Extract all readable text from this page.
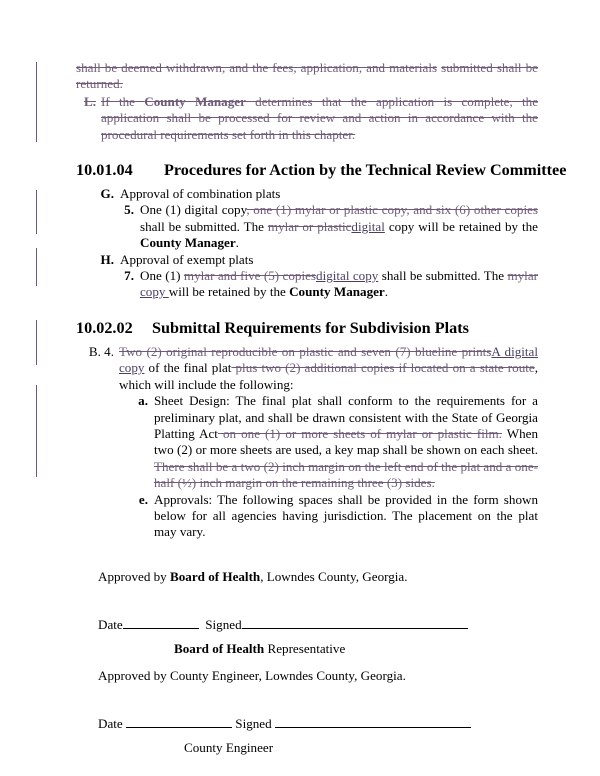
shall be deemed withdrawn, and the fees, application, and materials submitted shall be returned.

L. If the County Manager determines that the application is complete, the application shall be processed for review and action in accordance with the procedural requirements set forth in this chapter.

10.01.04	Procedures for Action by the Technical Review Committee
G. Approval of combination plats

5. One (1) digital copy, one (1) mylar or plastic copy, and six (6) other copies shall be submitted. The mylar or plasticdigital copy will be retained by the County Manager.

H. Approval of exempt plats

7. One (1) mylar and five (5) copiesdigital copy shall be submitted. The mylar copy will be retained by the County Manager.

10.02.02	Submittal Requirements for Subdivision Plats
B. 4. Two (2) original reproducible on plastic and seven (7) blueline printsA digital copy of the final plat plus two (2) additional copies if located on a state route, which will include the following:

a. Sheet Design: The final plat shall conform to the requirements for a preliminary plat, and shall be drawn consistent with the State of Georgia Platting Act on one (1) or more sheets of mylar or plastic film. When two (2) or more sheets are used, a key map shall be shown on each sheet. There shall be a two (2) inch margin on the left end of the plat and a one-half (½) inch margin on the remaining three (3) sides.

e. Approvals: The following spaces shall be provided in the form shown below for all agencies having jurisdiction. The placement on the plat may vary.

Approved by Board of Health, Lowndes County, Georgia.

Date	Signed

Board of Health Representative

Approved by County Engineer, Lowndes County, Georgia.

Date	Signed

County Engineer
